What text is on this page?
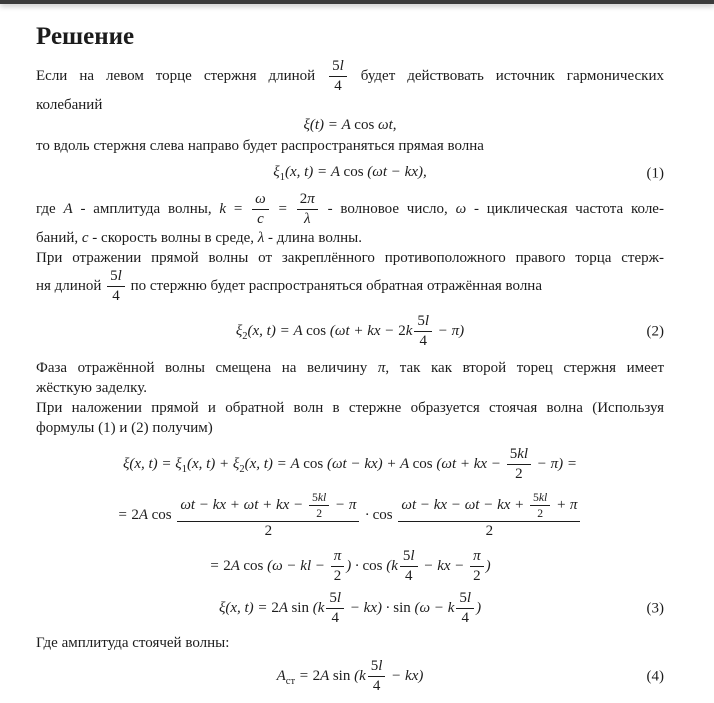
Решение
Если на левом торце стержня длиной $\frac{5l}{4}$ будет действовать источник гармонических
колебаний
ξ(t) = A cos ωt,
то вдоль стержня слева направо будет распространяться прямая волна
$\xi_1(x$, t) = A cos (ωt − kx),	(1)
где A - амплитуда волны, $k = \frac{\omega}{c} = \frac{2\pi}{\lambda}$ - волновое число, ω - циклическая частота коле-
баний, c - скорость волны в среде, λ - длина волны.
При отражении прямой волны от закреплённого противоположного правого торца стерж-
ня длиной $\frac{5l}{4}$ по стержню будет распространяться обратная отражённая волна
$\xi_2(x$, t) = A cos (ωt + kx − $2k \frac{5l}{4} - \pi$)	(2)
Фаза отражённой волны смещена на величину π, так как второй торец стержня имеет
жёсткую заделку.
При наложении прямой и обратной волн в стержне образуется стоячая волна (Используя
формулы (1) и (2) получим)
ξ(x, $t) = \xi_1(x$, $t) + \xi_2(x$, t) = A cos (ωt − kx) + A cos (ωt + kx − $\frac{5kl}{2} - \pi$) =
= 2A $\cos \frac{\omega t - kx + \omega t + kx - \frac{5kl}{2} - \pi}{2} \cdot \cos \frac{\omega t - kx - \omega t - kx + \frac{5kl}{2} + \pi}{2}$
= 2A cos (ω − kl − $\frac{\pi}{2}$ ) · $\cos (k \frac{5l}{4}$ − kx − $\frac{\pi}{2}$ )
ξ(x, t) = 2A $\sin (k \frac{5l}{4} - kx) \cdot \sin (\omega - k \frac{5l}{4}$ )	(3)
Где амплитуда стоячей волны:
$A_{ст} = 2A$ $\sin (k \frac{5l}{4} - kx)$	(4)
